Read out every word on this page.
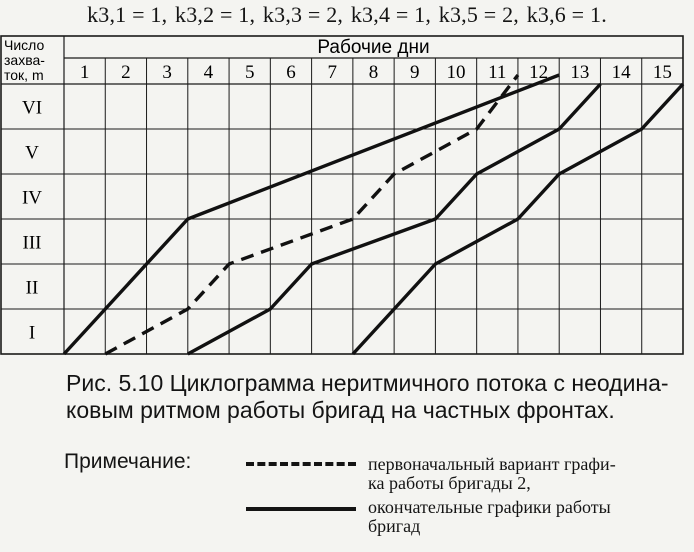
k3,1 = 1, k3,2 = 1, k3,3 = 2, k3,4 = 1, k3,5 = 2, k3,6 = 1.
Рабочие дни
Число
захва-
ток, m 1 2 3 4 5 6 7 8 9 10 11 12 13 14 15
I
II
III
IV
V
VI
Рис. 5.10 Циклограмма неритмичного потока с неодина-ковым ритмом работы бригад на частных фронтах.
Примечание:	первоначальный вариант графи-
ка работы бригады 2,
окончательные графики работы
бригад
